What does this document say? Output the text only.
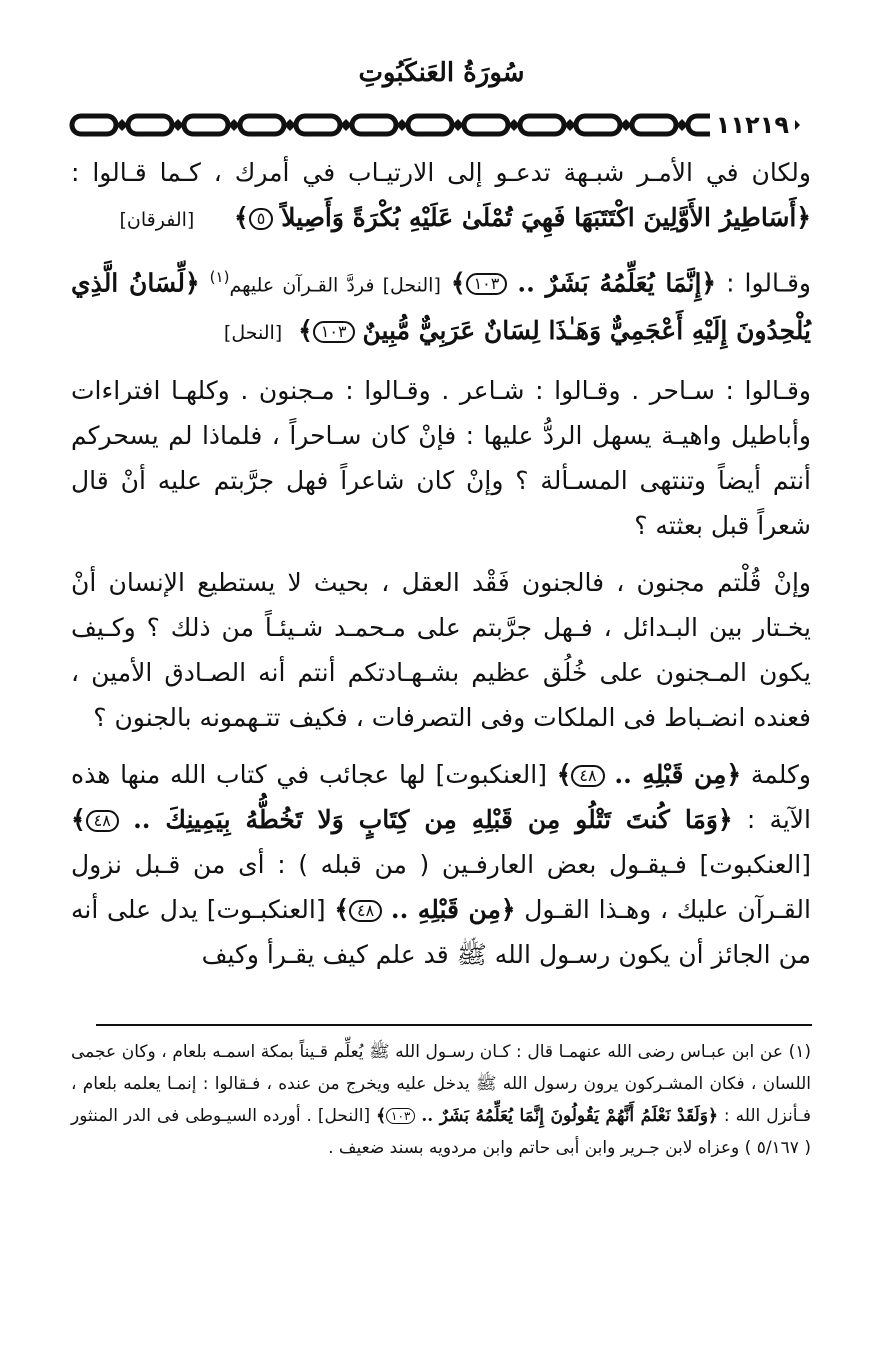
سُورَةُ العَنكَبُوتِ
١١٢١٩

ولكان في الأمـر شبـهة تدعـو إلى الارتيـاب في أمرك ، كـما قـالوا : ﴿أَسَاطِيرُ الأَوَّلِينَ اكْتَتَبَهَا فَهِيَ تُمْلَىٰ عَلَيْهِ بُكْرَةً وَأَصِيلاً ٥﴾     [الفرقان]

وقـالوا : ﴿إِنَّمَا يُعَلِّمُهُ بَشَرٌ .. ١٠٣﴾ [النحل] فردَّ القـرآن عليهم$^{(١)}$ ﴿لِّسَانُ الَّذِي يُلْحِدُونَ إِلَيْهِ أَعْجَمِيٌّ وَهَـٰذَا لِسَانٌ عَرَبِيٌّ مُّبِينٌ ١٠٣﴾  [النحل]

وقـالوا : سـاحر . وقـالوا : شـاعر . وقـالوا : مـجنون . وكلهـا افتراءات وأباطيل واهيـة يسهل الردُّ عليها : فإنْ كان سـاحراً ، فلماذا لم يسحركم أنتم أيضاً وتنتهى المسـألة ؟ وإنْ كان شاعراً فهل جرَّبتم عليه أنْ قال شعراً قبل بعثته ؟

وإنْ قُلْتم مجنون ، فالجنون فَقْد العقل ، بحيث لا يستطيع الإنسان أنْ يخـتار بين البـدائل ، فـهل جرَّبتم على مـحمـد شـيئـاً من ذلك ؟ وكـيف يكون المـجنون على خُلُق عظيم بشـهـادتكم أنتم أنه الصـادق الأمين ، فعنده انضـباط فى الملكات وفى التصرفات ، فكيف تتـهمونه بالجنون ؟

وكلمة ﴿مِن قَبْلِهِ .. ٤٨﴾ [العنكبوت] لها عجائب في كتاب الله منها هذه الآية : ﴿وَمَا كُنتَ تَتْلُو مِن قَبْلِهِ مِن كِتَابٍ وَلا تَخُطُّهُ بِيَمِينِكَ .. ٤٨﴾ [العنكبوت] فـيقـول بعض العارفـين ( من قبله ) : أى من قـبل نزول القـرآن عليك ، وهـذا القـول ﴿مِن قَبْلِهِ .. ٤٨﴾ [العنكبـوت] يدل على أنه من الجائز أن يكون رسـول الله ﷺ قد علم كيف يقـرأ وكيف

(١) عن ابن عبـاس رضى الله عنهمـا قال : كـان رسـول الله ﷺ يُعلِّم قـيناً بمكة اسمـه بلعام ، وكان عجمى اللسان ، فكان المشـركون يرون رسول الله ﷺ يدخل عليه ويخرج من عنده ، فـقالوا : إنمـا يعلمه بلعام ، فـأنزل الله : ﴿وَلَقَدْ نَعْلَمُ أَنَّهُمْ يَقُولُونَ إِنَّمَا يُعَلِّمُهُ بَشَرٌ .. ١٠٣﴾ [النحل] . أورده السيـوطى فى الدر المنثور ( ٥/١٦٧ ) وعزاه لابن جـرير وابن أبى حاتم وابن مردويه بسند ضعيف .
